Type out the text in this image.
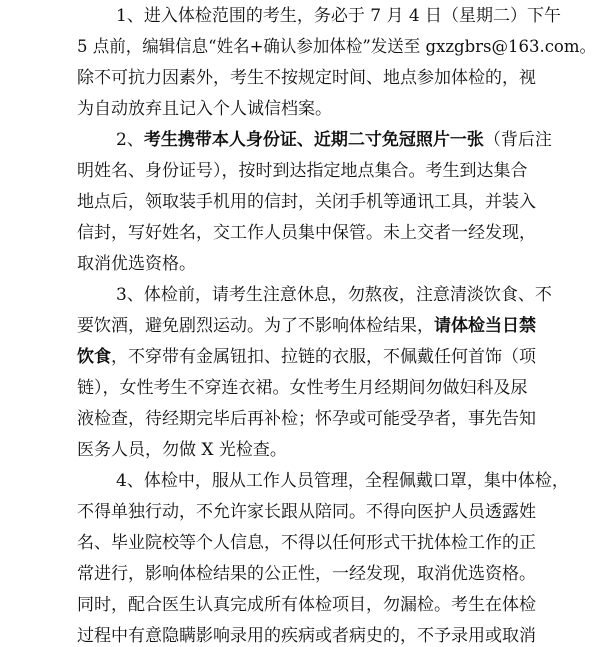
1、进入体检范围的考生，务必于 7 月 4 日（星期二）下午
5 点前，编辑信息“姓名+确认参加体检”发送至 gxzgbrs@163.com。
除不可抗力因素外，考生不按规定时间、地点参加体检的，视
为自动放弃且记入个人诚信档案。
2、考生携带本人身份证、近期二寸免冠照片一张（背后注
明姓名、身份证号），按时到达指定地点集合。考生到达集合
地点后，领取装手机用的信封，关闭手机等通讯工具，并装入
信封，写好姓名，交工作人员集中保管。未上交者一经发现，
取消优选资格。
3、体检前，请考生注意休息，勿熬夜，注意清淡饮食、不
要饮酒，避免剧烈运动。为了不影响体检结果，请体检当日禁
饮食，不穿带有金属钮扣、拉链的衣服，不佩戴任何首饰（项
链），女性考生不穿连衣裙。女性考生月经期间勿做妇科及尿
液检查，待经期完毕后再补检；怀孕或可能受孕者，事先告知
医务人员，勿做 X 光检查。
4、体检中，服从工作人员管理，全程佩戴口罩，集中体检，
不得单独行动，不允许家长跟从陪同。不得向医护人员透露姓
名、毕业院校等个人信息，不得以任何形式干扰体检工作的正
常进行，影响体检结果的公正性，一经发现，取消优选资格。
同时，配合医生认真完成所有体检项目，勿漏检。考生在体检
过程中有意隐瞒影响录用的疾病或者病史的，不予录用或取消
